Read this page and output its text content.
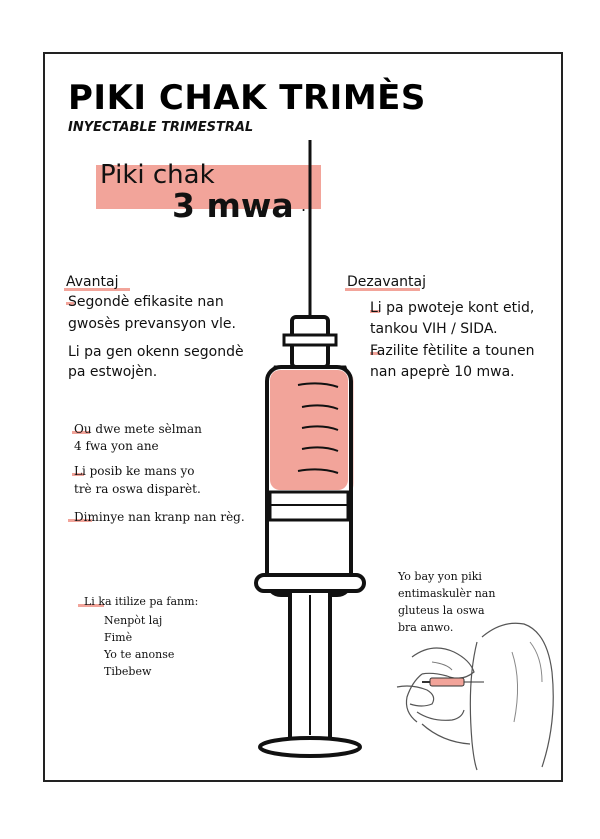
PIKI CHAK TRIMÈS
INYECTABLE TRIMESTRAL
Piki chak
3 mwa .
Avantaj
Segondè efikasite nan
gwosès prevansyon vle.
Li pa gen okenn segondè
pa estwojèn.
Dezavantaj
Li pa pwoteje kont etid,
tankou VIH / SIDA.
Fazilite fètilite a tounen
nan apeprè 10 mwa.
Ou dwe mete sèlman
4 fwa yon ane
Li posib ke mans yo
trè ra oswa disparèt.
Diminye nan kranp nan règ.
Li ka itilize pa fanm:
Nenpòt laj
Fimè
Yo te anonse
Tibebew
Yo bay yon piki
entimaskulèr nan
gluteus la oswa
bra anwo.
